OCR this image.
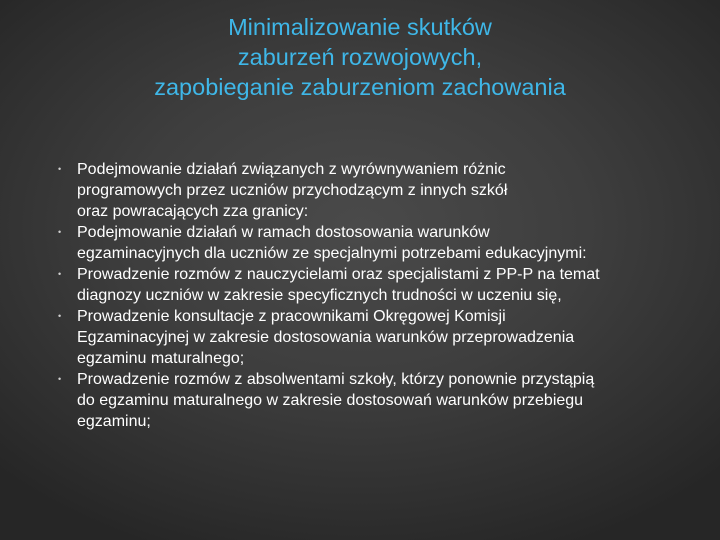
Minimalizowanie skutków
zaburzeń rozwojowych,
zapobieganie zaburzeniom zachowania
• Podejmowanie działań związanych z wyrównywaniem różnic
programowych przez uczniów przychodzącym z innych szkół
oraz powracających zza granicy:
• Podejmowanie działań w ramach dostosowania warunków
egzaminacyjnych dla uczniów ze specjalnymi potrzebami edukacyjnymi:
• Prowadzenie rozmów z nauczycielami oraz specjalistami z PP-P na temat
diagnozy uczniów w zakresie specyficznych trudności w uczeniu się,
• Prowadzenie konsultacje z pracownikami Okręgowej Komisji
Egzaminacyjnej w zakresie dostosowania warunków przeprowadzenia
egzaminu maturalnego;
• Prowadzenie rozmów z absolwentami szkoły, którzy ponownie przystąpią
do egzaminu maturalnego w zakresie dostosowań warunków przebiegu
egzaminu;
